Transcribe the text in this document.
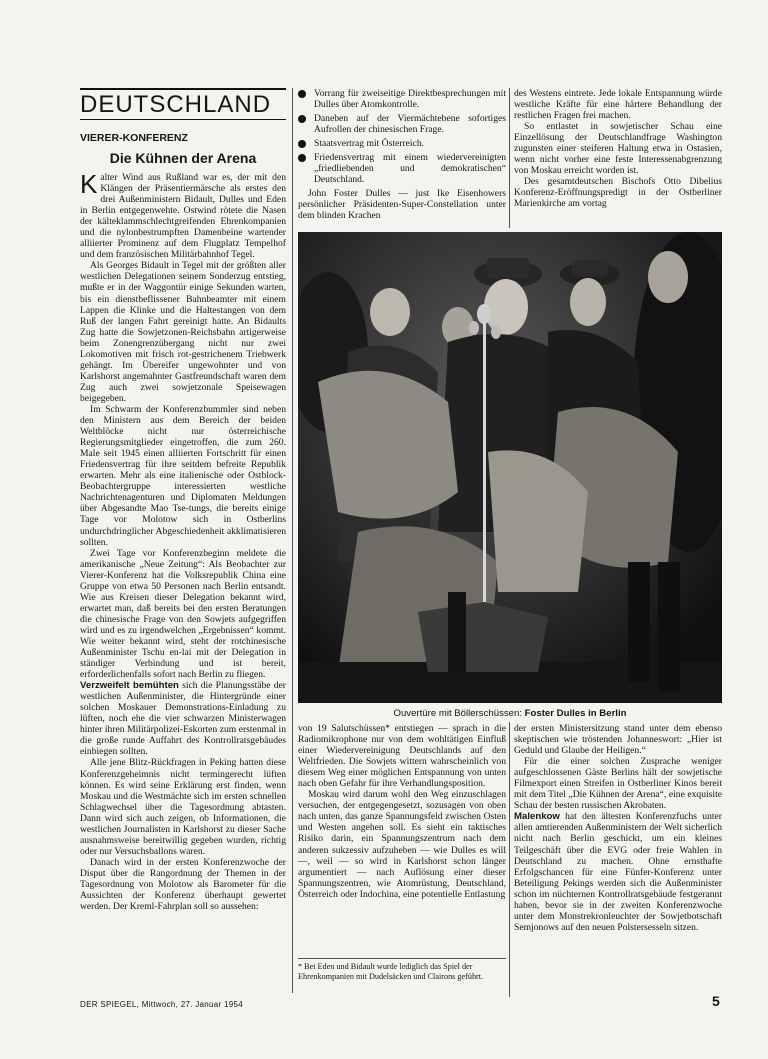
DEUTSCHLAND
VIERER-KONFERENZ
Die Kühnen der Arena

Kalter Wind aus Rußland war es, der mit den Klängen der Präsentiermärsche als erstes den drei Außenministern Bidault, Dulles und Eden in Berlin entgegenwehte. Ostwind rötete die Nasen der kälteklammschlechtgreifenden Ehrenkompanien und die nylonbestrumpften Damenbeine wartender alliierter Prominenz auf dem Flugplatz Tempelhof und dem französischen Militärbahnhof Tegel.

Als Georges Bidault in Tegel mit der größten aller westlichen Delegationen seinem Sonderzug entstieg, mußte er in der Waggontür einige Sekunden warten, bis ein dienstbeflissener Bahnbeamter mit einem Lappen die Klinke und die Haltestangen von dem Ruß der langen Fahrt gereinigt hatte. An Bidaults Zug hatte die Sowjetzonen-Reichsbahn artigerweise beim Zonengrenzübergang nicht nur zwei Lokomotiven mit frisch rot-gestrichenem Triebwerk gehängt. Im Übereifer ungewohnter und von Karlshorst angemahnter Gastfreundschaft waren dem Zug auch zwei sowjetzonale Speisewagen beigegeben.

Im Schwarm der Konferenzbummler sind neben den Ministern aus dem Bereich der beiden Weltblöcke nicht nur österreichische Regierungsmitglieder eingetroffen, die zum 260. Male seit 1945 einen alliierten Fortschritt für einen Friedensvertrag für ihre seitdem befreite Republik erwarten. Mehr als eine italienische oder Ostblock-Beobachtergruppe interessierten westliche Nachrichtenagenturen und Diplomaten Meldungen über Abgesandte Mao Tse-tungs, die bereits einige Tage vor Molotow sich in Ostberlins undurchdringlicher Abgeschiedenheit akklimatisieren sollten.

Zwei Tage vor Konferenzbeginn meldete die amerikanische „Neue Zeitung“: Als Beobachter zur Vierer-Konferenz hat die Volksrepublik China eine Gruppe von etwa 50 Personen nach Berlin entsandt. Wie aus Kreisen dieser Delegation bekannt wird, erwartet man, daß bereits bei den ersten Beratungen die chinesische Frage von den Sowjets aufgegriffen wird und es zu irgendwelchen „Ergebnissen“ kommt. Wie weiter bekannt wird, steht der rotchinesische Außenminister Tschu en-lai mit der Delegation in ständiger Verbindung und ist bereit, erforderlichenfalls sofort nach Berlin zu fliegen.

Verzweifelt bemühten sich die Planungsstäbe der westlichen Außenminister, die Hintergründe einer solchen Moskauer Demonstrations-Einladung zu lüften, noch ehe die vier schwarzen Ministerwagen hinter ihren Militärpolizei-Eskorten zum erstenmal in die große runde Auffahrt des Kontrollratsgebäudes einbiegen sollten.

Alle jene Blitz-Rückfragen in Peking hatten diese Konferenzgeheimnis nicht termingerecht lüften können. Es wird seine Erklärung erst finden, wenn Moskau und die Westmächte sich im ersten schnellen Schlagwechsel über die Tagesordnung abtasten. Dann wird sich auch zeigen, ob Informationen, die westlichen Journalisten in Karlshorst zu dieser Sache ausnahmsweise bereitwillig gegeben wurden, richtig oder nur Versuchsballons waren.

Danach wird in der ersten Konferenzwoche der Disput über die Rangordnung der Themen in der Tagesordnung von Molotow als Barometer für die Aussichten der Konferenz überhaupt gewertet werden. Der Kreml-Fahrplan soll so aussehen:

Vorrang für zweiseitige Direktbesprechungen mit Dulles über Atomkontrolle.
Daneben auf der Viermächtebene sofortiges Aufrollen der chinesischen Frage.
Staatsvertrag mit Österreich.
Friedensvertrag mit einem wiedervereinigten „friedliebenden und demokratischen“ Deutschland.

John Foster Dulles — just Ike Eisenhowers persönlicher Präsidenten-Super-Constellation unter dem blinden Krachen

des Westens eintrete. Jede lokale Entspannung würde westliche Kräfte für eine härtere Behandlung der restlichen Fragen frei machen.

So entlastet in sowjetischer Schau eine Einzellösung der Deutschlandfrage Washington zugunsten einer steiferen Haltung etwa in Ostasien, wenn nicht vorher eine feste Interessenabgrenzung von Moskau erreicht worden ist.

Des gesamtdeutschen Bischofs Otto Dibelius Konferenz-Eröffnungspredigt in der Ostberliner Marienkirche am vortag

Ouvertüre mit Böllerschüssen: Foster Dulles in Berlin

von 19 Salutschüssen* entstiegen — sprach in die Radiomikrophone nur von dem wohltätigen Einfluß einer Wiedervereinigung Deutschlands auf den Weltfrieden. Die Sowjets wittern wahrscheinlich von diesem Weg einer möglichen Entspannung von unten nach oben Gefahr für ihre Verhandlungsposition.

Moskau wird darum wohl den Weg einzuschlagen versuchen, der entgegengesetzt, sozusagen von oben nach unten, das ganze Spannungsfeld zwischen Osten und Westen angehen soll. Es sieht ein taktisches Risiko darin, ein Spannungszentrum nach dem anderen sukzessiv aufzuheben — wie Dulles es will —, weil — so wird in Karlshorst schon länger argumentiert — nach Auflösung einer dieser Spannungszentren, wie Atomrüstung, Deutschland, Österreich oder Indochina, eine potentielle Entlastung

* Bei Eden und Bidault wurde lediglich das Spiel der Ehrenkompanien mit Dudelsäcken und Clairons geführt.

der ersten Ministersitzung stand unter dem ebenso skeptischen wie tröstenden Johanneswort: „Hier ist Geduld und Glaube der Heiligen.“

Für die einer solchen Zusprache weniger aufgeschlossenen Gäste Berlins hält der sowjetische Filmexport einen Streifen in Ostberliner Kinos bereit mit dem Titel „Die Kühnen der Arena“, eine exquisite Schau der besten russischen Akrobaten.

Malenkow hat den ältesten Konferenzfuchs unter allen amtierenden Außenministern der Welt sicherlich nicht nach Berlin geschickt, um ein kleines Teilgeschäft über die EVG oder freie Wahlen in Deutschland zu machen. Ohne ernsthafte Erfolgschancen für eine Fünfer-Konferenz unter Beteiligung Pekings werden sich die Außenminister schon im nüchternen Kontrollratsgebäude festgerannt haben, bevor sie in der zweiten Konferenzwoche unter dem Monstrekronleuchter der Sowjetbotschaft Semjonows auf den neuen Polstersesseln sitzen.

DER SPIEGEL, Mittwoch, 27. Januar 1954	5
